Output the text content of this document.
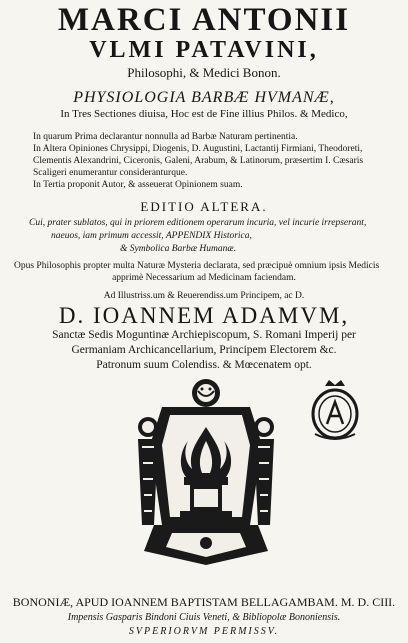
MARCI ANTONII
VLMI PATAVINI,
Philosophi, & Medici Bonon.
PHYSIOLOGIA BARBÆ HVMANÆ,
In Tres Sectiones diuisa, Hoc est de Fine illius Philos. & Medico,
In quarum Prima declarantur nonnulla ad Barbæ Naturam pertinentia.
In Altera Opiniones Chrysippi, Diogenis, D. Augustini, Lactantij Firmiani, Theodoreti,
Clementis Alexandrini, Ciceronis, Galeni, Arabum, & Latinorum, præsertim I. Cæsaris
Scaligeri enumerantur consideranturque.
In Tertia proponit Autor, & asseuerat Opinionem suam.
EDITIO ALTERA.
Cui, prater sublatos, qui in priorem editionem operarum incuria, vel incurie irrepserant,
naeuos, iam primum accessit, APPENDIX Historica,
& Symbolica Barbæ Humanæ.
Opus Philosophis propter multa Naturæ Mysteria declarata, sed præcipuè omnium ipsis Medicis
apprimè Necessarium ad Medicinam faciendam.
Ad Illustriss.um & Reuerendiss.um Principem, ac D.
D. IOANNEM ADAMVM,
Sanctæ Sedis Moguntinæ Archiepiscopum, S. Romani Imperij per
Germaniam Archicancellarium, Principem Electorem &c.
Patronum suum Colendiss. & Mœcenatem opt.
BONONIÆ, APUD IOANNEM BAPTISTAM BELLAGAMBAM. M. D. CIII.
Impensis Gasparis Bindoni Ciuis Veneti, & Bibliopolæ Bononiensis.
SVPERIORVM PERMISSV.
